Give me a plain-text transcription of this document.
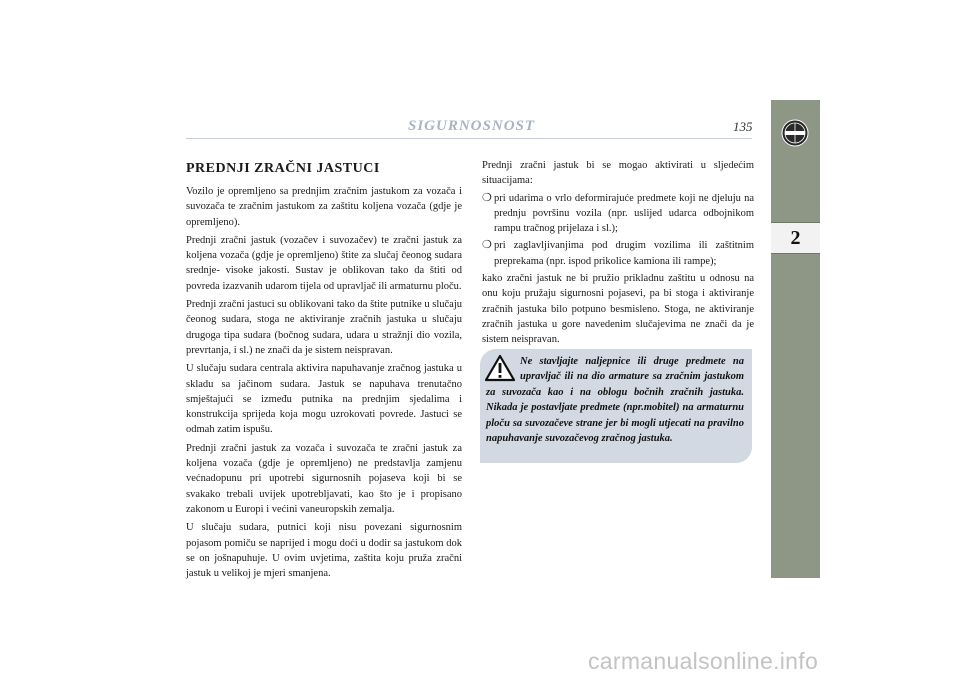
SIGURNOSNOST	135
2
PREDNJI ZRAČNI JASTUCI

Vozilo je opremljeno sa prednjim zračnim jastukom za vozača i suvozača te zračnim jastukom za zaštitu koljena vozača (gdje je opremljeno).

Prednji zračni jastuk (vozačev i suvozačev) te zračni jastuk za koljena vozača (gdje je opremljeno) štite za slučaj čeonog sudara srednje- visoke jakosti. Sustav je oblikovan tako da štiti od povreda izazvanih udarom tijela od upravljač ili armaturnu ploču.

Prednji zračni jastuci su oblikovani tako da štite putnike u slučaju čeonog sudara, stoga ne aktiviranje zračnih jastuka u slučaju drugoga tipa sudara (bočnog sudara, udara u stražnji dio vozila, prevrtanja, i sl.) ne znači da je sistem neispravan.

U slučaju sudara centrala aktivira napuhavanje zračnog jastuka u skladu sa jačinom sudara. Jastuk se napuhava trenutačno smještajući se između putnika na prednjim sjedalima i konstrukcija sprijeda koja mogu uzrokovati povrede. Jastuci se odmah zatim ispušu.

Prednji zračni jastuk za vozača i suvozača te zračni jastuk za koljena vozača (gdje je opremljeno) ne predstavlja zamjenu većnadopunu pri upotrebi sigurnosnih pojaseva koji bi se svakako trebali uvijek upotrebljavati, kao što je i propisano zakonom u Europi i većini vaneuropskih zemalja.

U slučaju sudara, putnici koji nisu povezani sigurnosnim pojasom pomiču se naprijed i mogu doći u dodir sa jastukom dok se on jošnapuhuje. U ovim uvjetima, zaštita koju pruža zračni jastuk u velikoj je mjeri smanjena.

Prednji zračni jastuk bi se mogao aktivirati u sljedećim situacijama:

❍ pri udarima o vrlo deformirajuće predmete koji ne djeluju na prednju površinu vozila (npr. uslijed udarca odbojnikom rampu tračnog prijelaza i sl.);
❍ pri zaglavljivanjima pod drugim vozilima ili zaštitnim preprekama (npr. ispod prikolice kamiona ili rampe);

kako zračni jastuk ne bi pružio prikladnu zaštitu u odnosu na onu koju pružaju sigurnosni pojasevi, pa bi stoga i aktiviranje zračnih jastuka bilo potpuno besmisleno. Stoga, ne aktiviranje zračnih jastuka u gore navedenim slučajevima ne znači da je sistem neispravan.

Ne stavljajte naljepnice ili druge predmete na upravljač ili na dio armature sa zračnim jastukom za suvozača kao i na oblogu bočnih zračnih jastuka. Nikada je postavljate predmete (npr.mobitel) na armaturnu ploču sa suvozačeve strane jer bi mogli utjecati na pravilno napuhavanje suvozačevog zračnog jastuka.
carmanualsonline.info
